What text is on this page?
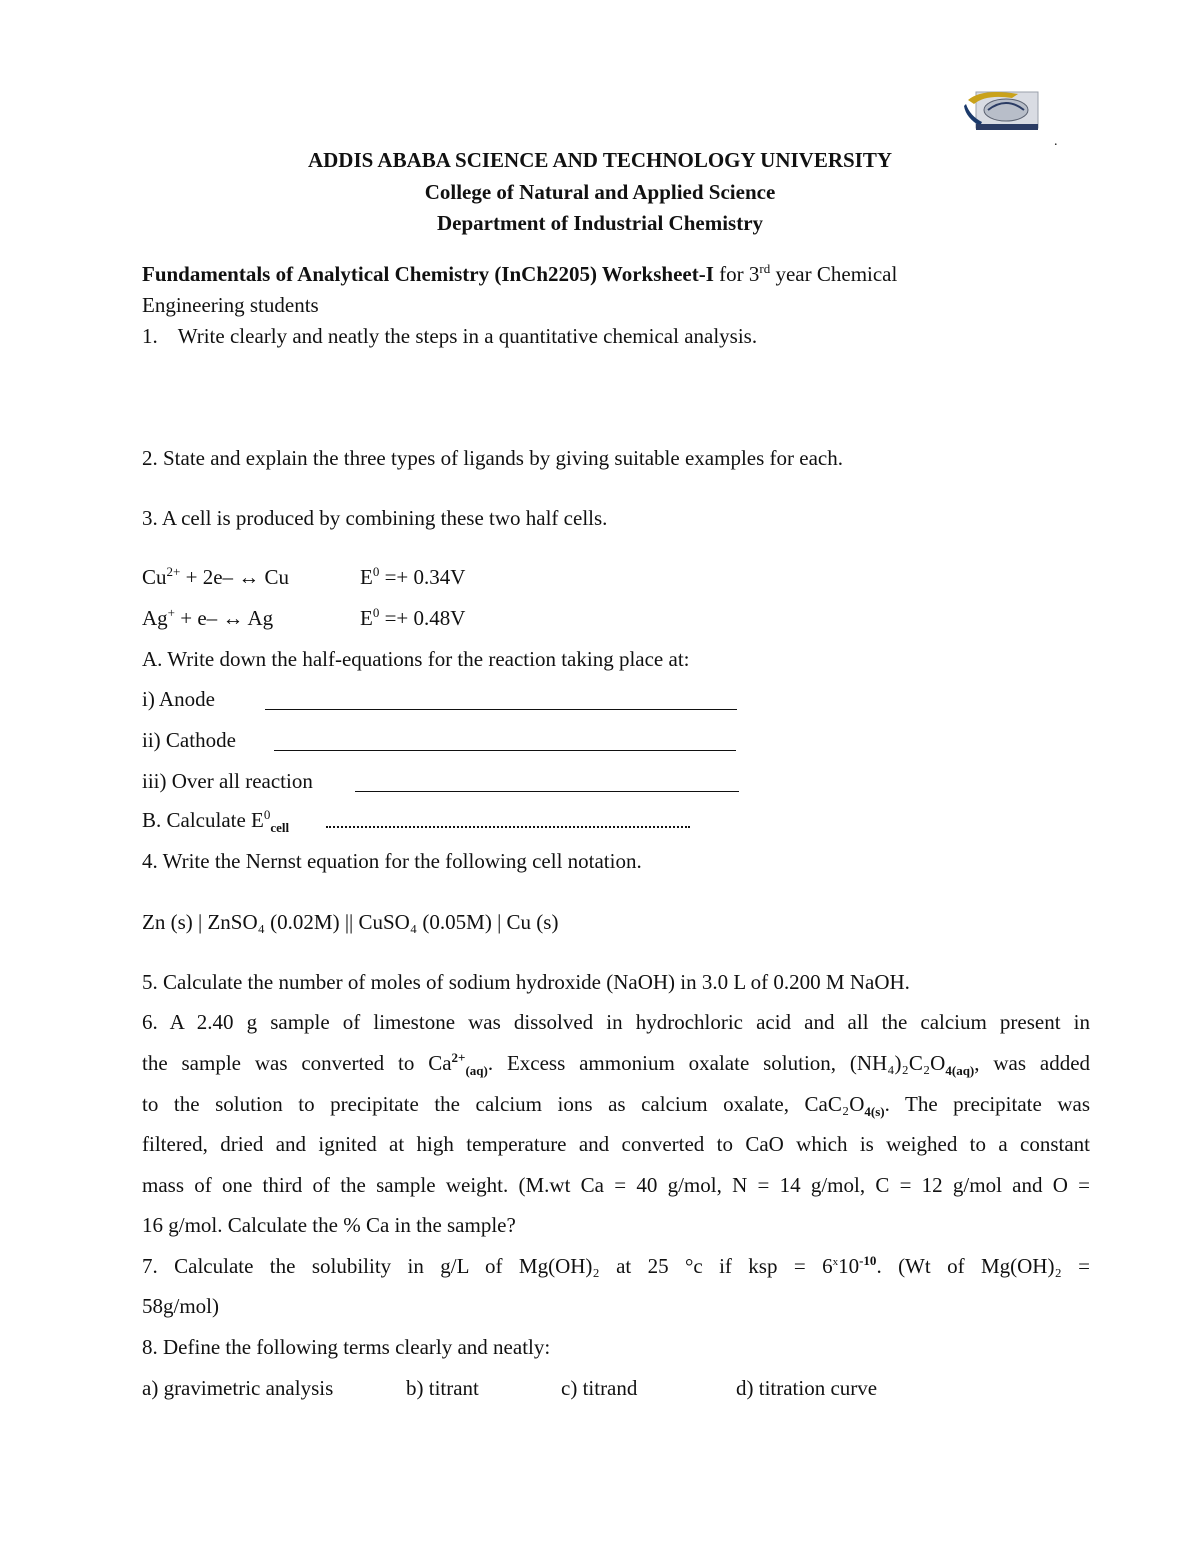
.
ADDIS ABABA SCIENCE AND TECHNOLOGY UNIVERSITY
College of Natural and Applied Science
Department of Industrial Chemistry
Fundamentals of Analytical Chemistry (InCh2205) Worksheet-I for 3rd year Chemical
Engineering students
1. Write clearly and neatly the steps in a quantitative chemical analysis.
2. State and explain the three types of ligands by giving suitable examples for each.
3. A cell is produced by combining these two half cells.
$Cu^{2+} + 2e-$ ↔ Cu	$E^0 =+ 0.34V$
Ag+ + e– ↔ Ag	$E^0 =+ 0.48V$
A. Write down the half-equations for the reaction taking place at:
i) Anode
ii) Cathode
iii) Over all reaction
B. Calculate $E^0_{cell}$
4. Write the Nernst equation for the following cell notation.
Zn (s) | ZnSO₄ (0.02M) || CuSO₄ (0.05M) | Cu (s)
5. Calculate the number of moles of sodium hydroxide (NaOH) in 3.0 L of 0.200 M NaOH.
6. A 2.40 g sample of limestone was dissolved in hydrochloric acid and all the calcium present in
the sample was converted to $Ca^{2+}_{(aq)}$. Excess ammonium oxalate solution, $(NH_4)_2C_2O_{4(aq)}$, was added
to the solution to precipitate the calcium ions as calcium oxalate, $CaC_2O_{4(s)}$. The precipitate was
filtered, dried and ignited at high temperature and converted to CaO which is weighed to a constant
mass of one third of the sample weight. (M.wt Ca = 40 g/mol, N = 14 g/mol, C = 12 g/mol and O =
16 g/mol. Calculate the % Ca in the sample?
7. Calculate the solubility in g/L of Mg(OH)₂ at 25 °c if ksp = $6^x10^{-10}$. (Wt of Mg(OH)₂ =
58g/mol)
8. Define the following terms clearly and neatly:
a) gravimetric analysis	b) titrant	c) titrand	d) titration curve
